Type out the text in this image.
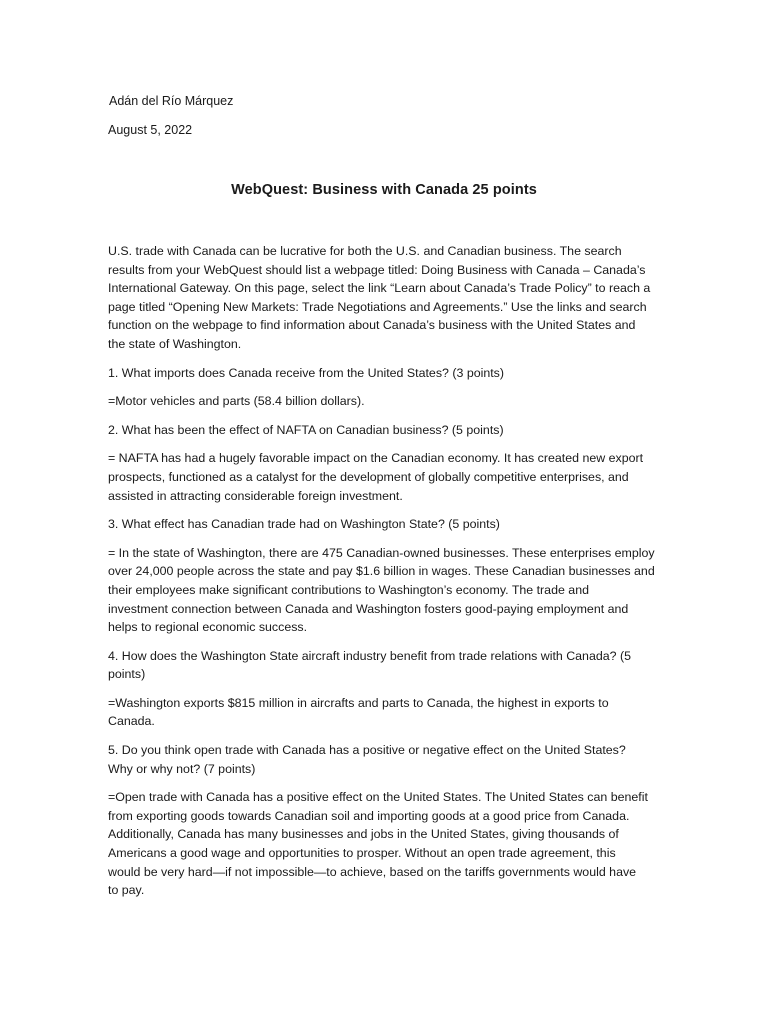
Adán del Río Márquez
August 5, 2022
WebQuest: Business with Canada 25 points

U.S. trade with Canada can be lucrative for both the U.S. and Canadian business. The search
results from your WebQuest should list a webpage titled: Doing Business with Canada – Canada’s
International Gateway. On this page, select the link “Learn about Canada’s Trade Policy” to reach a
page titled “Opening New Markets: Trade Negotiations and Agreements.” Use the links and search
function on the webpage to find information about Canada’s business with the United States and
the state of Washington.

1. What imports does Canada receive from the United States? (3 points)

=Motor vehicles and parts (58.4 billion dollars).

2. What has been the effect of NAFTA on Canadian business? (5 points)

= NAFTA has had a hugely favorable impact on the Canadian economy. It has created new export
prospects, functioned as a catalyst for the development of globally competitive enterprises, and
assisted in attracting considerable foreign investment.

3. What effect has Canadian trade had on Washington State? (5 points)

= In the state of Washington, there are 475 Canadian-owned businesses. These enterprises employ
over 24,000 people across the state and pay $1.6 billion in wages. These Canadian businesses and
their employees make significant contributions to Washington’s economy. The trade and
investment connection between Canada and Washington fosters good-paying employment and
helps to regional economic success.

4. How does the Washington State aircraft industry benefit from trade relations with Canada? (5
points)

=Washington exports $815 million in aircrafts and parts to Canada, the highest in exports to
Canada.

5. Do you think open trade with Canada has a positive or negative effect on the United States?
Why or why not? (7 points)

=Open trade with Canada has a positive effect on the United States. The United States can benefit
from exporting goods towards Canadian soil and importing goods at a good price from Canada.
Additionally, Canada has many businesses and jobs in the United States, giving thousands of
Americans a good wage and opportunities to prosper. Without an open trade agreement, this
would be very hard—if not impossible—to achieve, based on the tariffs governments would have
to pay.
